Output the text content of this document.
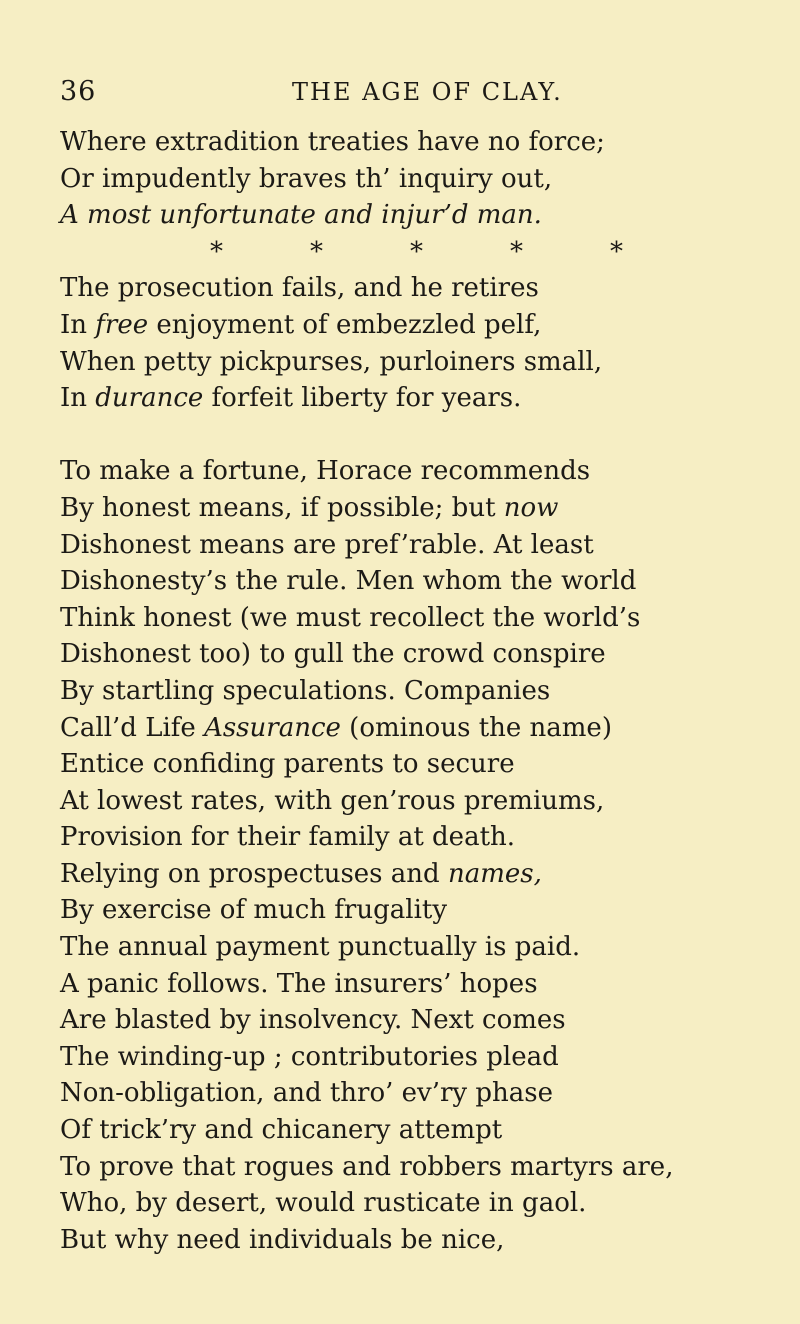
36	THE AGE OF CLAY.
Where extradition treaties have no force;
Or impudently braves th’ inquiry out,
A most unfortunate and injur’d man.
*	*	*	*	*
The prosecution fails, and he retires
In free enjoyment of embezzled pelf,
When petty pickpurses, purloiners small,
In durance forfeit liberty for years.
To make a fortune, Horace recommends
By honest means, if possible; but now
Dishonest means are pref’rable. At least
Dishonesty’s the rule. Men whom the world
Think honest (we must recollect the world’s
Dishonest too) to gull the crowd conspire
By startling speculations. Companies
Call’d Life Assurance (ominous the name)
Entice confiding parents to secure
At lowest rates, with gen’rous premiums,
Provision for their family at death.
Relying on prospectuses and names,
By exercise of much frugality
The annual payment punctually is paid.
A panic follows. The insurers’ hopes
Are blasted by insolvency. Next comes
The winding-up ; contributories plead
Non-obligation, and thro’ ev’ry phase
Of trick’ry and chicanery attempt
To prove that rogues and robbers martyrs are,
Who, by desert, would rusticate in gaol.
But why need individuals be nice,
